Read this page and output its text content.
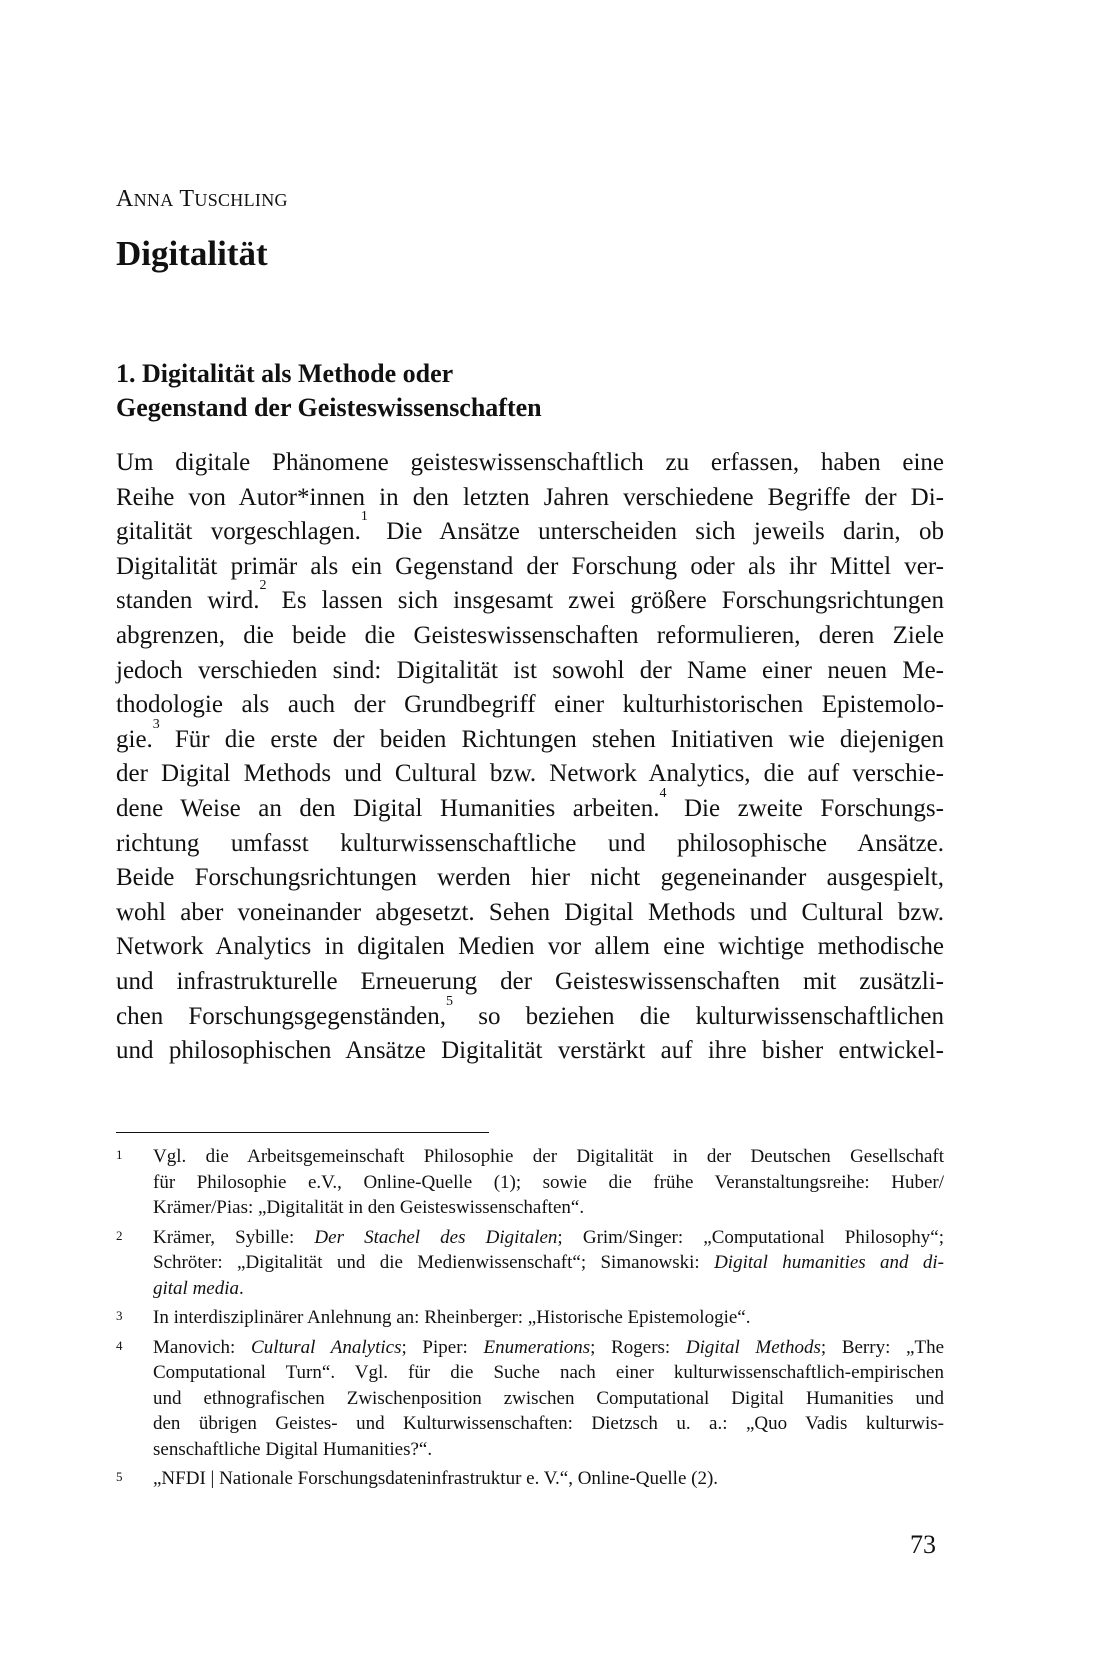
ANNA TUSCHLING
Digitalität
1. Digitalität als Methode oder
Gegenstand der Geisteswissenschaften
Um digitale Phänomene geisteswissenschaftlich zu erfassen, haben eine
Reihe von Autor*innen in den letzten Jahren verschiedene Begriffe der Di-
gitalität vorgeschlagen.$^1$ Die Ansätze unterscheiden sich jeweils darin, ob
Digitalität primär als ein Gegenstand der Forschung oder als ihr Mittel ver-
standen wird.$^2$ Es lassen sich insgesamt zwei größere Forschungsrichtungen
abgrenzen, die beide die Geisteswissenschaften reformulieren, deren Ziele
jedoch verschieden sind: Digitalität ist sowohl der Name einer neuen Me-
thodologie als auch der Grundbegriff einer kulturhistorischen Epistemolo-
gie.$^3$ Für die erste der beiden Richtungen stehen Initiativen wie diejenigen
der Digital Methods und Cultural bzw. Network Analytics, die auf verschie-
dene Weise an den Digital Humanities arbeiten.$^4$ Die zweite Forschungs-
richtung umfasst kulturwissenschaftliche und philosophische Ansätze.
Beide Forschungsrichtungen werden hier nicht gegeneinander ausgespielt,
wohl aber voneinander abgesetzt. Sehen Digital Methods und Cultural bzw.
Network Analytics in digitalen Medien vor allem eine wichtige methodische
und infrastrukturelle Erneuerung der Geisteswissenschaften mit zusätzli-
chen Forschungsgegenständen,$^5$ so beziehen die kulturwissenschaftlichen
und philosophischen Ansätze Digitalität verstärkt auf ihre bisher entwickel-
1 Vgl. die Arbeitsgemeinschaft Philosophie der Digitalität in der Deutschen Gesellschaft
für Philosophie e.V., Online-Quelle (1); sowie die frühe Veranstaltungsreihe: Huber/
Krämer/Pias: „Digitalität in den Geisteswissenschaften“.
2 Krämer, Sybille: Der Stachel des Digitalen; Grim/Singer: „Computational Philosophy“;
Schröter: „Digitalität und die Medienwissenschaft“; Simanowski: Digital humanities and di-
gital media.
3 In interdisziplinärer Anlehnung an: Rheinberger: „Historische Epistemologie“.
4 Manovich: Cultural Analytics; Piper: Enumerations; Rogers: Digital Methods; Berry: „The
Computational Turn“. Vgl. für die Suche nach einer kulturwissenschaftlich-empirischen
und ethnografischen Zwischenposition zwischen Computational Digital Humanities und
den übrigen Geistes- und Kulturwissenschaften: Dietzsch u. a.: „Quo Vadis kulturwis-
senschaftliche Digital Humanities?“.
5 „NFDI | Nationale Forschungsdateninfrastruktur e. V.“, Online-Quelle (2).
73
